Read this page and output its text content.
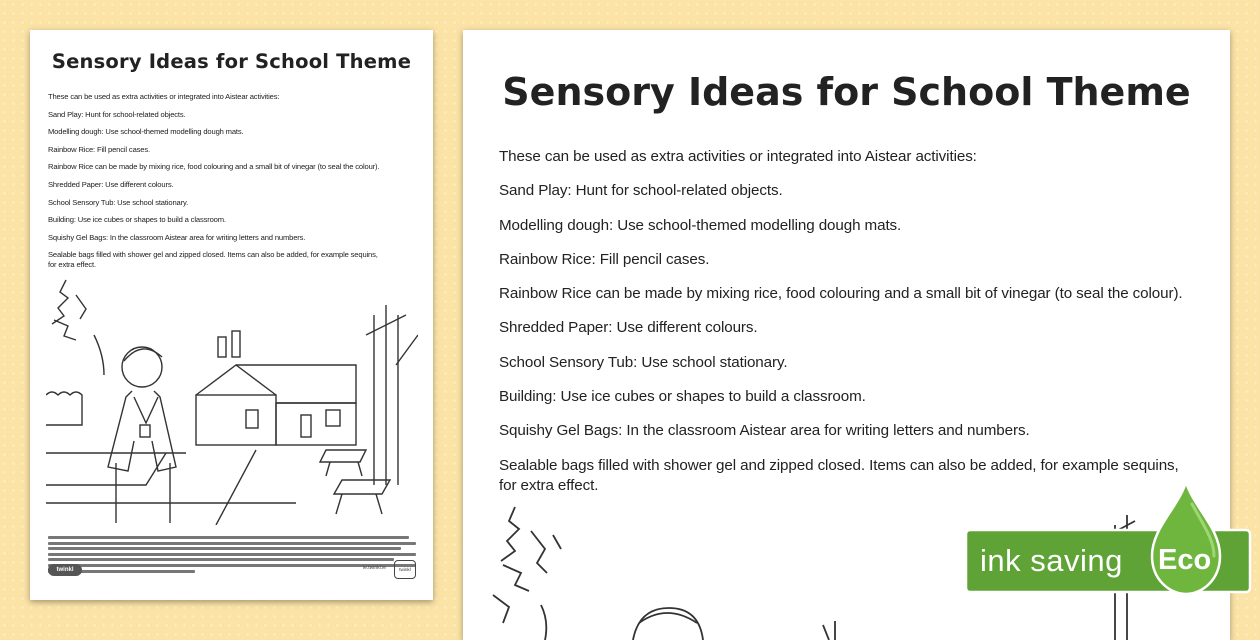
Sensory Ideas for School Theme
These can be used as extra activities or integrated into Aistear activities:
Sand Play: Hunt for school-related objects.
Modelling dough: Use school-themed modelling dough mats.
Rainbow Rice: Fill pencil cases.
Rainbow Rice can be made by mixing rice, food colouring and a small bit of vinegar (to seal the colour).
Shredded Paper: Use different colours.
School Sensory Tub: Use school stationary.
Building: Use ice cubes or shapes to build a classroom.
Squishy Gel Bags: In the classroom Aistear area for writing letters and numbers.
Sealable bags filled with shower gel and zipped closed. Items can also be added, for example sequins,
for extra effect.
twinkl	ie.twinkl.ie	twinkl
Sensory Ideas for School Theme
These can be used as extra activities or integrated into Aistear activities:
Sand Play: Hunt for school-related objects.
Modelling dough: Use school-themed modelling dough mats.
Rainbow Rice: Fill pencil cases.
Rainbow Rice can be made by mixing rice, food colouring and a small bit of vinegar (to seal the colour).
Shredded Paper: Use different colours.
School Sensory Tub: Use school stationary.
Building: Use ice cubes or shapes to build a classroom.
Squishy Gel Bags: In the classroom Aistear area for writing letters and numbers.
Sealable bags filled with shower gel and zipped closed. Items can also be added, for example sequins,
for extra effect.
ink saving Eco
